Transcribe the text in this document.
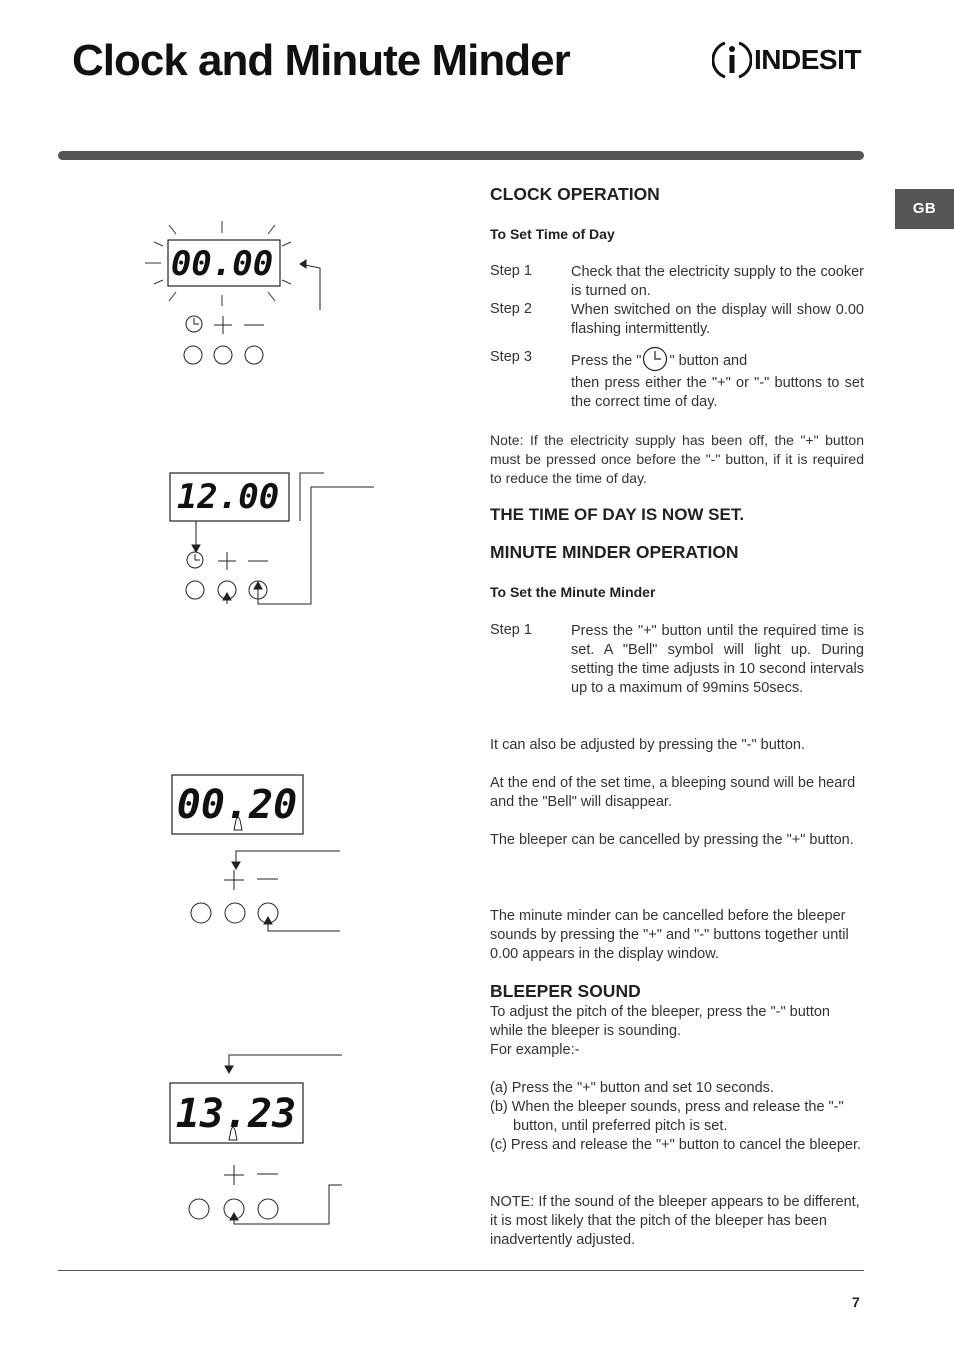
Clock and Minute Minder	INDESIT
GB
00.00
12.00
00.20
13.23
CLOCK OPERATION
To Set Time of Day
Step 1	Check that the electricity supply to the cooker is turned on.
Step 2	When switched on the display will show 0.00 flashing intermittently.
Step 3	Press the " " button and
then press either the "+" or "-" buttons to set the correct time of day.
Note: If the electricity supply has been off, the "+" button must be pressed once before the "-" button, if it is required to reduce the time of day.
THE TIME OF DAY IS NOW SET.
MINUTE MINDER OPERATION
To Set the Minute Minder
Step 1	Press the "+" button until the required time is set. A "Bell" symbol will light up. During setting the time adjusts in 10 second intervals up to a maximum of 99mins 50secs.
It can also be adjusted by pressing the "-" button.
At the end of the set time, a bleeping sound will be heard and the "Bell" will disappear.
The bleeper can be cancelled by pressing the "+" button.
The minute minder can be cancelled before the bleeper sounds by pressing the "+" and "-" buttons together until 0.00 appears in the display window.
BLEEPER SOUND
To adjust the pitch of the bleeper, press the "-" button while the bleeper is sounding.
For example:-
(a) Press the "+" button and set 10 seconds.
(b) When the bleeper sounds, press and release the "-" button, until preferred pitch is set.
(c) Press and release the "+" button to cancel the bleeper.
NOTE: If the sound of the bleeper appears to be different, it is most likely that the pitch of the bleeper has been inadvertently adjusted.
7
